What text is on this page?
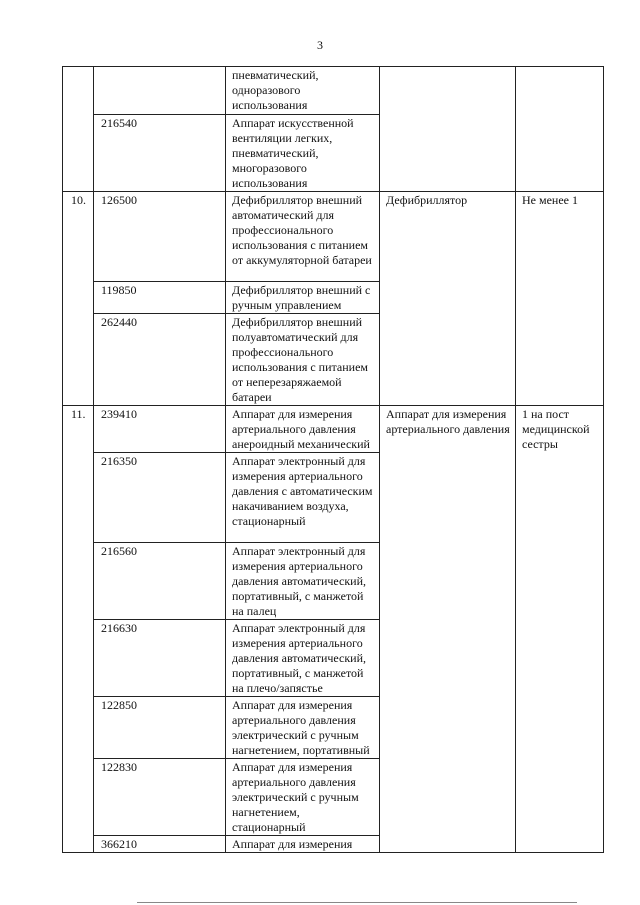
3
		пневматический, одноразового использования		
	216540	Аппарат искусственной вентиляции легких, пневматический, многоразового использования		
10.	126500	Дефибриллятор внешний автоматический для профессионального использования с питанием от аккумуляторной батареи	Дефибриллятор	Не менее 1
	119850	Дефибриллятор внешний с ручным управлением		
	262440	Дефибриллятор внешний полуавтоматический для профессионального использования с питанием от неперезаряжаемой батареи		
11.	239410	Аппарат для измерения артериального давления анероидный механический	Аппарат для измерения артериального давления	1 на пост медицинской сестры
	216350	Аппарат электронный для измерения артериального давления с автоматическим накачиванием воздуха, стационарный		
	216560	Аппарат электронный для измерения артериального давления автоматический, портативный, с манжетой на палец		
	216630	Аппарат электронный для измерения артериального давления автоматический, портативный, с манжетой на плечо/запястье		
	122850	Аппарат для измерения артериального давления электрический с ручным нагнетением, портативный		
	122830	Аппарат для измерения артериального давления электрический с ручным нагнетением, стационарный		
	366210	Аппарат для измерения		
